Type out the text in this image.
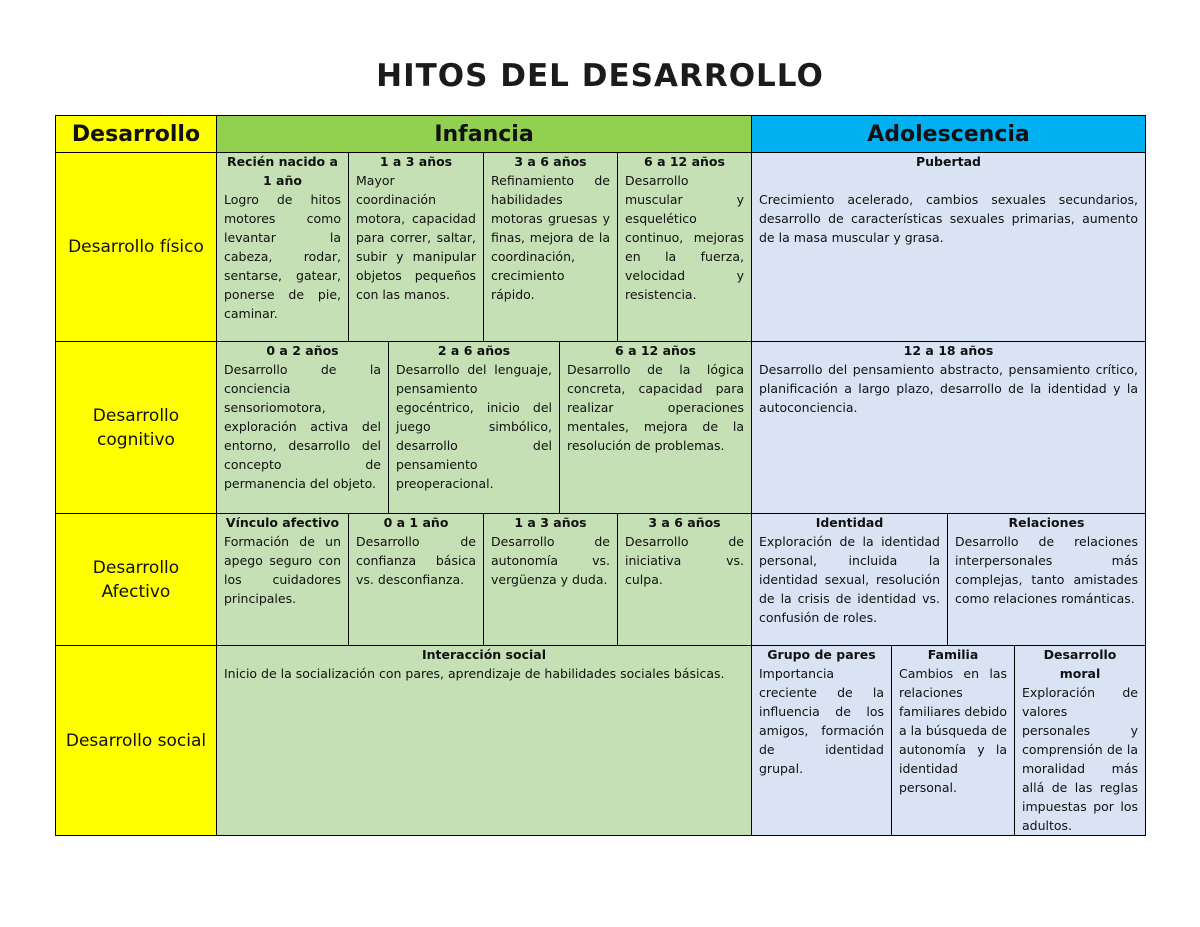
HITOS DEL DESARROLLO
Desarrollo	Infancia	Adolescencia
Desarrollo físico
Desarrollo cognitivo
Desarrollo Afectivo
Desarrollo social
Recién nacido a 1 año
Logro de hitos motores como levantar la cabeza, rodar, sentarse, gatear, ponerse de pie, caminar.
1 a 3 años
Mayor coordinación motora, capacidad para correr, saltar, subir y manipular objetos pequeños con las manos.
3 a 6 años
Refinamiento de habilidades motoras gruesas y finas, mejora de la coordinación, crecimiento rápido.
6 a 12 años
Desarrollo muscular y esquelético continuo, mejoras en la fuerza, velocidad y resistencia.
Pubertad
Crecimiento acelerado, cambios sexuales secundarios, desarrollo de características sexuales primarias, aumento de la masa muscular y grasa.
0 a 2 años
Desarrollo de la conciencia sensoriomotora, exploración activa del entorno, desarrollo del concepto de permanencia del objeto.
2 a 6 años
Desarrollo del lenguaje, pensamiento egocéntrico, inicio del juego simbólico, desarrollo del pensamiento preoperacional.
6 a 12 años
Desarrollo de la lógica concreta, capacidad para realizar operaciones mentales, mejora de la resolución de problemas.
12 a 18 años
Desarrollo del pensamiento abstracto, pensamiento crítico, planificación a largo plazo, desarrollo de la identidad y la autoconciencia.
Vínculo afectivo
Formación de un apego seguro con los cuidadores principales.
0 a 1 año
Desarrollo de confianza básica vs. desconfianza.
1 a 3 años
Desarrollo de autonomía vs. vergüenza y duda.
3 a 6 años
Desarrollo de iniciativa vs. culpa.
Identidad
Exploración de la identidad personal, incluida la identidad sexual, resolución de la crisis de identidad vs. confusión de roles.
Relaciones
Desarrollo de relaciones interpersonales más complejas, tanto amistades como relaciones románticas.
Interacción social
Inicio de la socialización con pares, aprendizaje de habilidades sociales básicas.
Grupo de pares
Importancia creciente de la influencia de los amigos, formación de identidad grupal.
Familia
Cambios en las relaciones familiares debido a la búsqueda de autonomía y la identidad personal.
Desarrollo moral
Exploración de valores personales y comprensión de la moralidad más allá de las reglas impuestas por los adultos.
